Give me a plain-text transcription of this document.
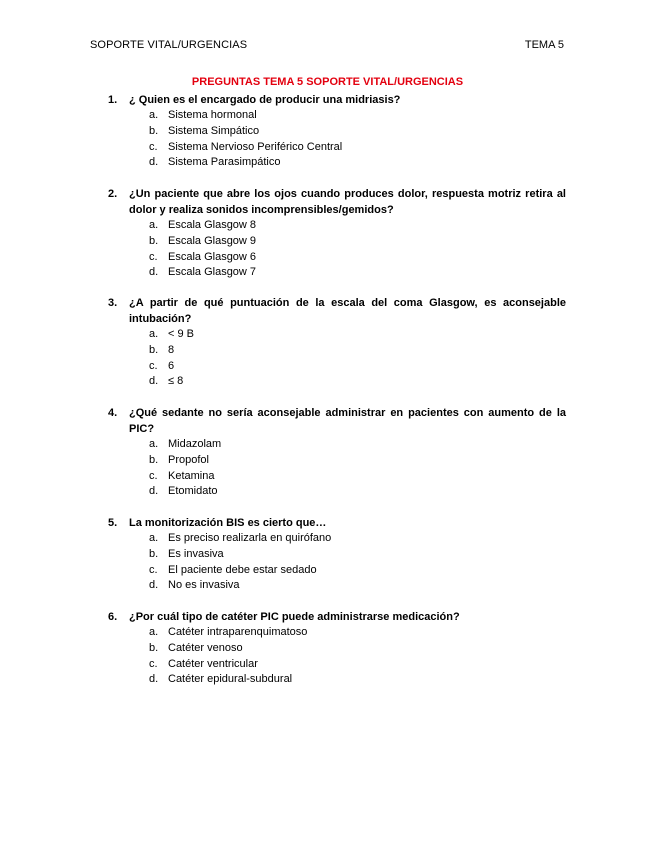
SOPORTE VITAL/URGENCIAS	TEMA 5
PREGUNTAS TEMA 5 SOPORTE VITAL/URGENCIAS
1.	¿ Quien es el encargado de producir una midriasis?
a. Sistema hormonal
b. Sistema Simpático
c. Sistema Nervioso Periférico Central
d. Sistema Parasimpático
2.	¿Un paciente que abre los ojos cuando produces dolor, respuesta motriz retira al dolor y realiza sonidos incomprensibles/gemidos?
a. Escala Glasgow 8
b. Escala Glasgow 9
c. Escala Glasgow 6
d. Escala Glasgow 7
3.	¿A partir de qué puntuación de la escala del coma Glasgow, es aconsejable intubación?
a. < 9 B
b. 8
c. 6
d. ≤ 8
4.	¿Qué sedante no sería aconsejable administrar en pacientes con aumento de la PIC?
a. Midazolam
b. Propofol
c. Ketamina
d. Etomidato
5.	La monitorización BIS es cierto que…
a. Es preciso realizarla en quirófano
b. Es invasiva
c. El paciente debe estar sedado
d. No es invasiva
6.	¿Por cuál tipo de catéter PIC puede administrarse medicación?
a. Catéter intraparenquimatoso
b. Catéter venoso
c. Catéter ventricular
d. Catéter epidural-subdural
